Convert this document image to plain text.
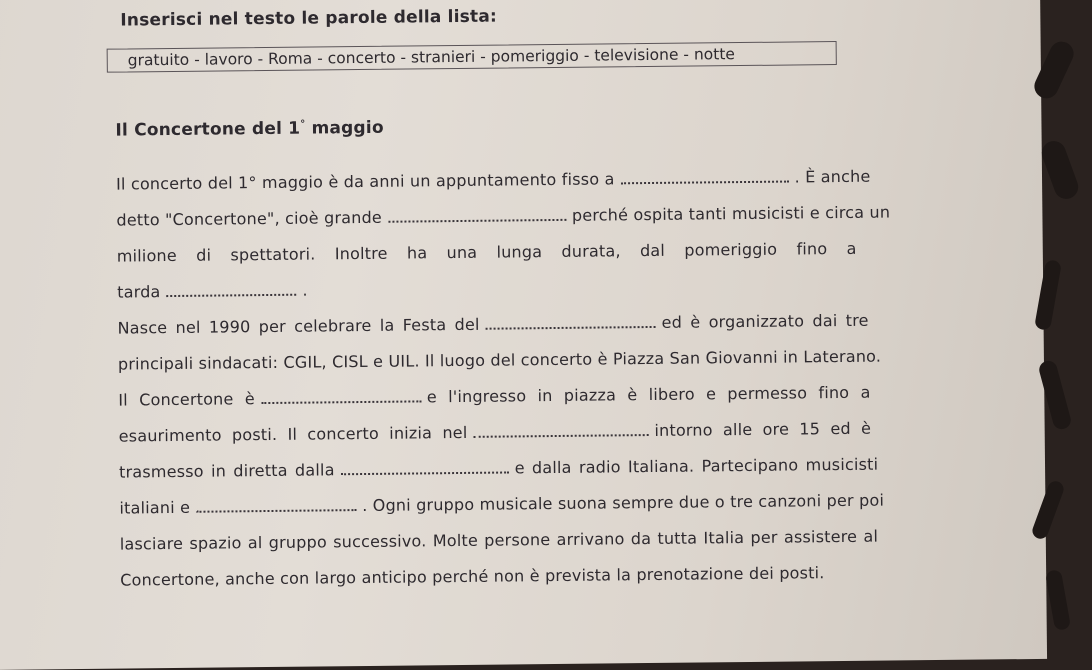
Inserisci nel testo le parole della lista:
gratuito - lavoro - Roma - concerto - stranieri - pomeriggio - televisione - notte
Il Concertone del 1° maggio
Il concerto del 1° maggio è da anni un appuntamento fisso a	. È anche
detto "Concertone", cioè grande	perché ospita tanti musicisti e circa un
milione di spettatori. Inoltre ha una lunga durata, dal pomeriggio fino a
tarda	.
Nasce nel 1990 per celebrare la Festa del	ed è organizzato dai tre
principali sindacati: CGIL, CISL e UIL. Il luogo del concerto è Piazza San Giovanni in Laterano.
Il Concertone è	e l'ingresso in piazza è libero e permesso fino a
esaurimento posti. Il concerto inizia nel	intorno alle ore 15 ed è
trasmesso in diretta dalla	e dalla radio Italiana. Partecipano musicisti
italiani e	. Ogni gruppo musicale suona sempre due o tre canzoni per poi
lasciare spazio al gruppo successivo. Molte persone arrivano da tutta Italia per assistere al
Concertone, anche con largo anticipo perché non è prevista la prenotazione dei posti.
